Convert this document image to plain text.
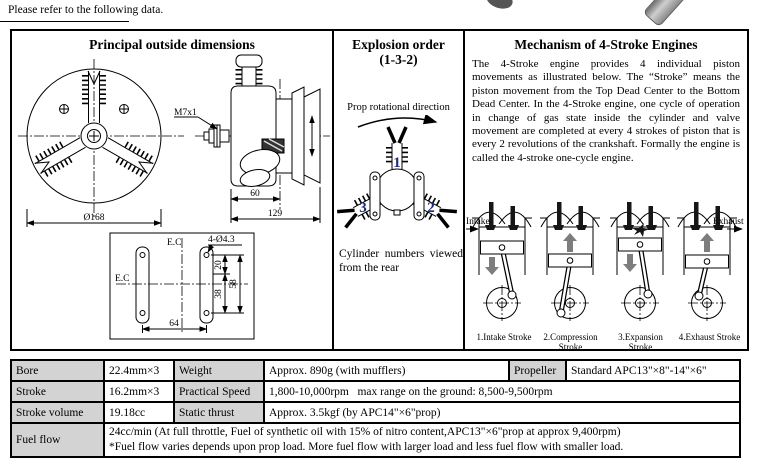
Please refer to the following data.
Ø168
M7x1
60
129
E.C
E.C
4-Ø4.3
20
38
58
64
Principal outside dimensions	Explosion order
(1-3-2)
Prop rotational direction
1
3	2
Cylinder numbers viewed from the rear
Mechanism of 4-Stroke Engines

The 4-Stroke engine provides 4 individual piston movements as illustrated below. The “Stroke” means the piston movement from the Top Dead Center to the Bottom Dead Center. In the 4-Stroke engine, one cycle of operation in change of gas state inside the cylinder and valve movement are completed at every 4 strokes of piston that is every 2 revolutions of the crankshaft. Formally the engine is called the 4-stroke one-cycle engine.

Intake	Exhaust
1.Intake Stroke	2.Compression Stroke
3.Expansion Stroke
4.Exhaust Stroke
Bore	22.4mm×3	Weight	Approx. 890g (with mufflers)	Propeller	Standard APC13"×8"-14"×6"
Stroke	16.2mm×3	Practical Speed	1,800-10,000rpm   max range on the ground: 8,500-9,500rpm		
Stroke volume	19.18cc	Static thrust	Approx. 3.5kgf (by APC14"×6"prop)		
Fuel flow	
24cc/min (At full throttle, Fuel of synthetic oil with 15% of nitro content,APC13"×6"prop at approx 9,400rpm)
*Fuel flow varies depends upon prop load. More fuel flow with larger load and less fuel flow with smaller load.
